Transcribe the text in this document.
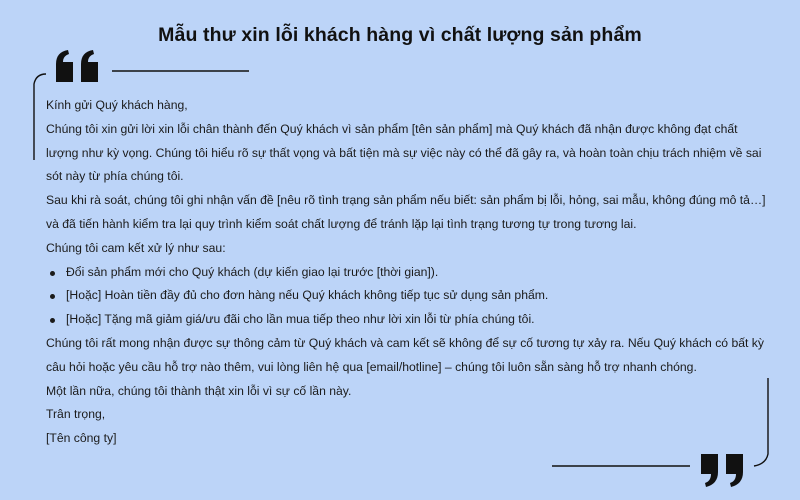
Mẫu thư xin lỗi khách hàng vì chất lượng sản phẩm

Kính gửi Quý khách hàng,

Chúng tôi xin gửi lời xin lỗi chân thành đến Quý khách vì sản phẩm [tên sản phẩm] mà Quý khách đã nhận được không đạt chất lượng như kỳ vọng. Chúng tôi hiểu rõ sự thất vọng và bất tiện mà sự việc này có thể đã gây ra, và hoàn toàn chịu trách nhiệm về sai sót này từ phía chúng tôi.

Sau khi rà soát, chúng tôi ghi nhận vấn đề [nêu rõ tình trạng sản phẩm nếu biết: sản phẩm bị lỗi, hỏng, sai mẫu, không đúng mô tả…] và đã tiến hành kiểm tra lại quy trình kiểm soát chất lượng để tránh lặp lại tình trạng tương tự trong tương lai.

Chúng tôi cam kết xử lý như sau:

Đổi sản phẩm mới cho Quý khách (dự kiến giao lại trước [thời gian]).
[Hoặc] Hoàn tiền đầy đủ cho đơn hàng nếu Quý khách không tiếp tục sử dụng sản phẩm.
[Hoặc] Tặng mã giảm giá/ưu đãi cho lần mua tiếp theo như lời xin lỗi từ phía chúng tôi.

Chúng tôi rất mong nhận được sự thông cảm từ Quý khách và cam kết sẽ không để sự cố tương tự xảy ra. Nếu Quý khách có bất kỳ câu hỏi hoặc yêu cầu hỗ trợ nào thêm, vui lòng liên hệ qua [email/hotline] – chúng tôi luôn sẵn sàng hỗ trợ nhanh chóng.

Một lần nữa, chúng tôi thành thật xin lỗi vì sự cố lần này.

Trân trọng,

[Tên công ty]
